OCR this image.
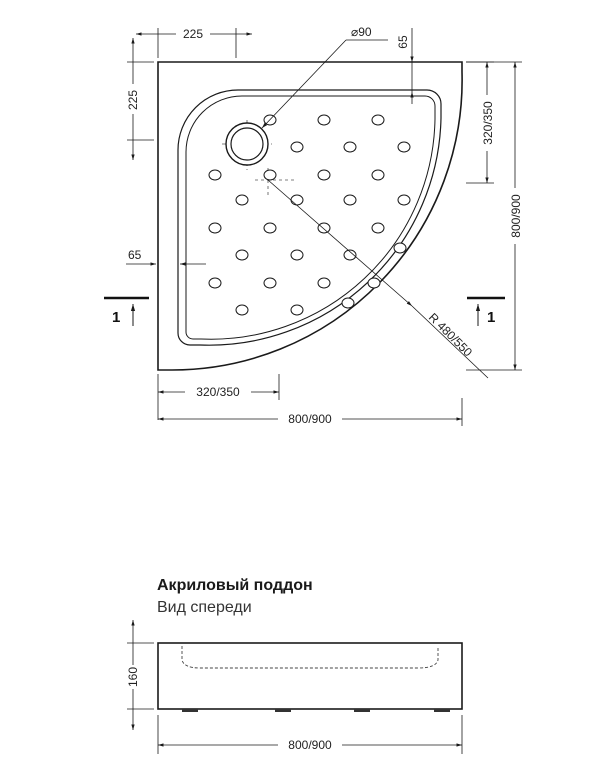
Акриловый поддон
Вид спереди
225	⌀90
65
225
320/350
800/900
65
1	1
R 480/550
320/350
800/900
160
800/900
